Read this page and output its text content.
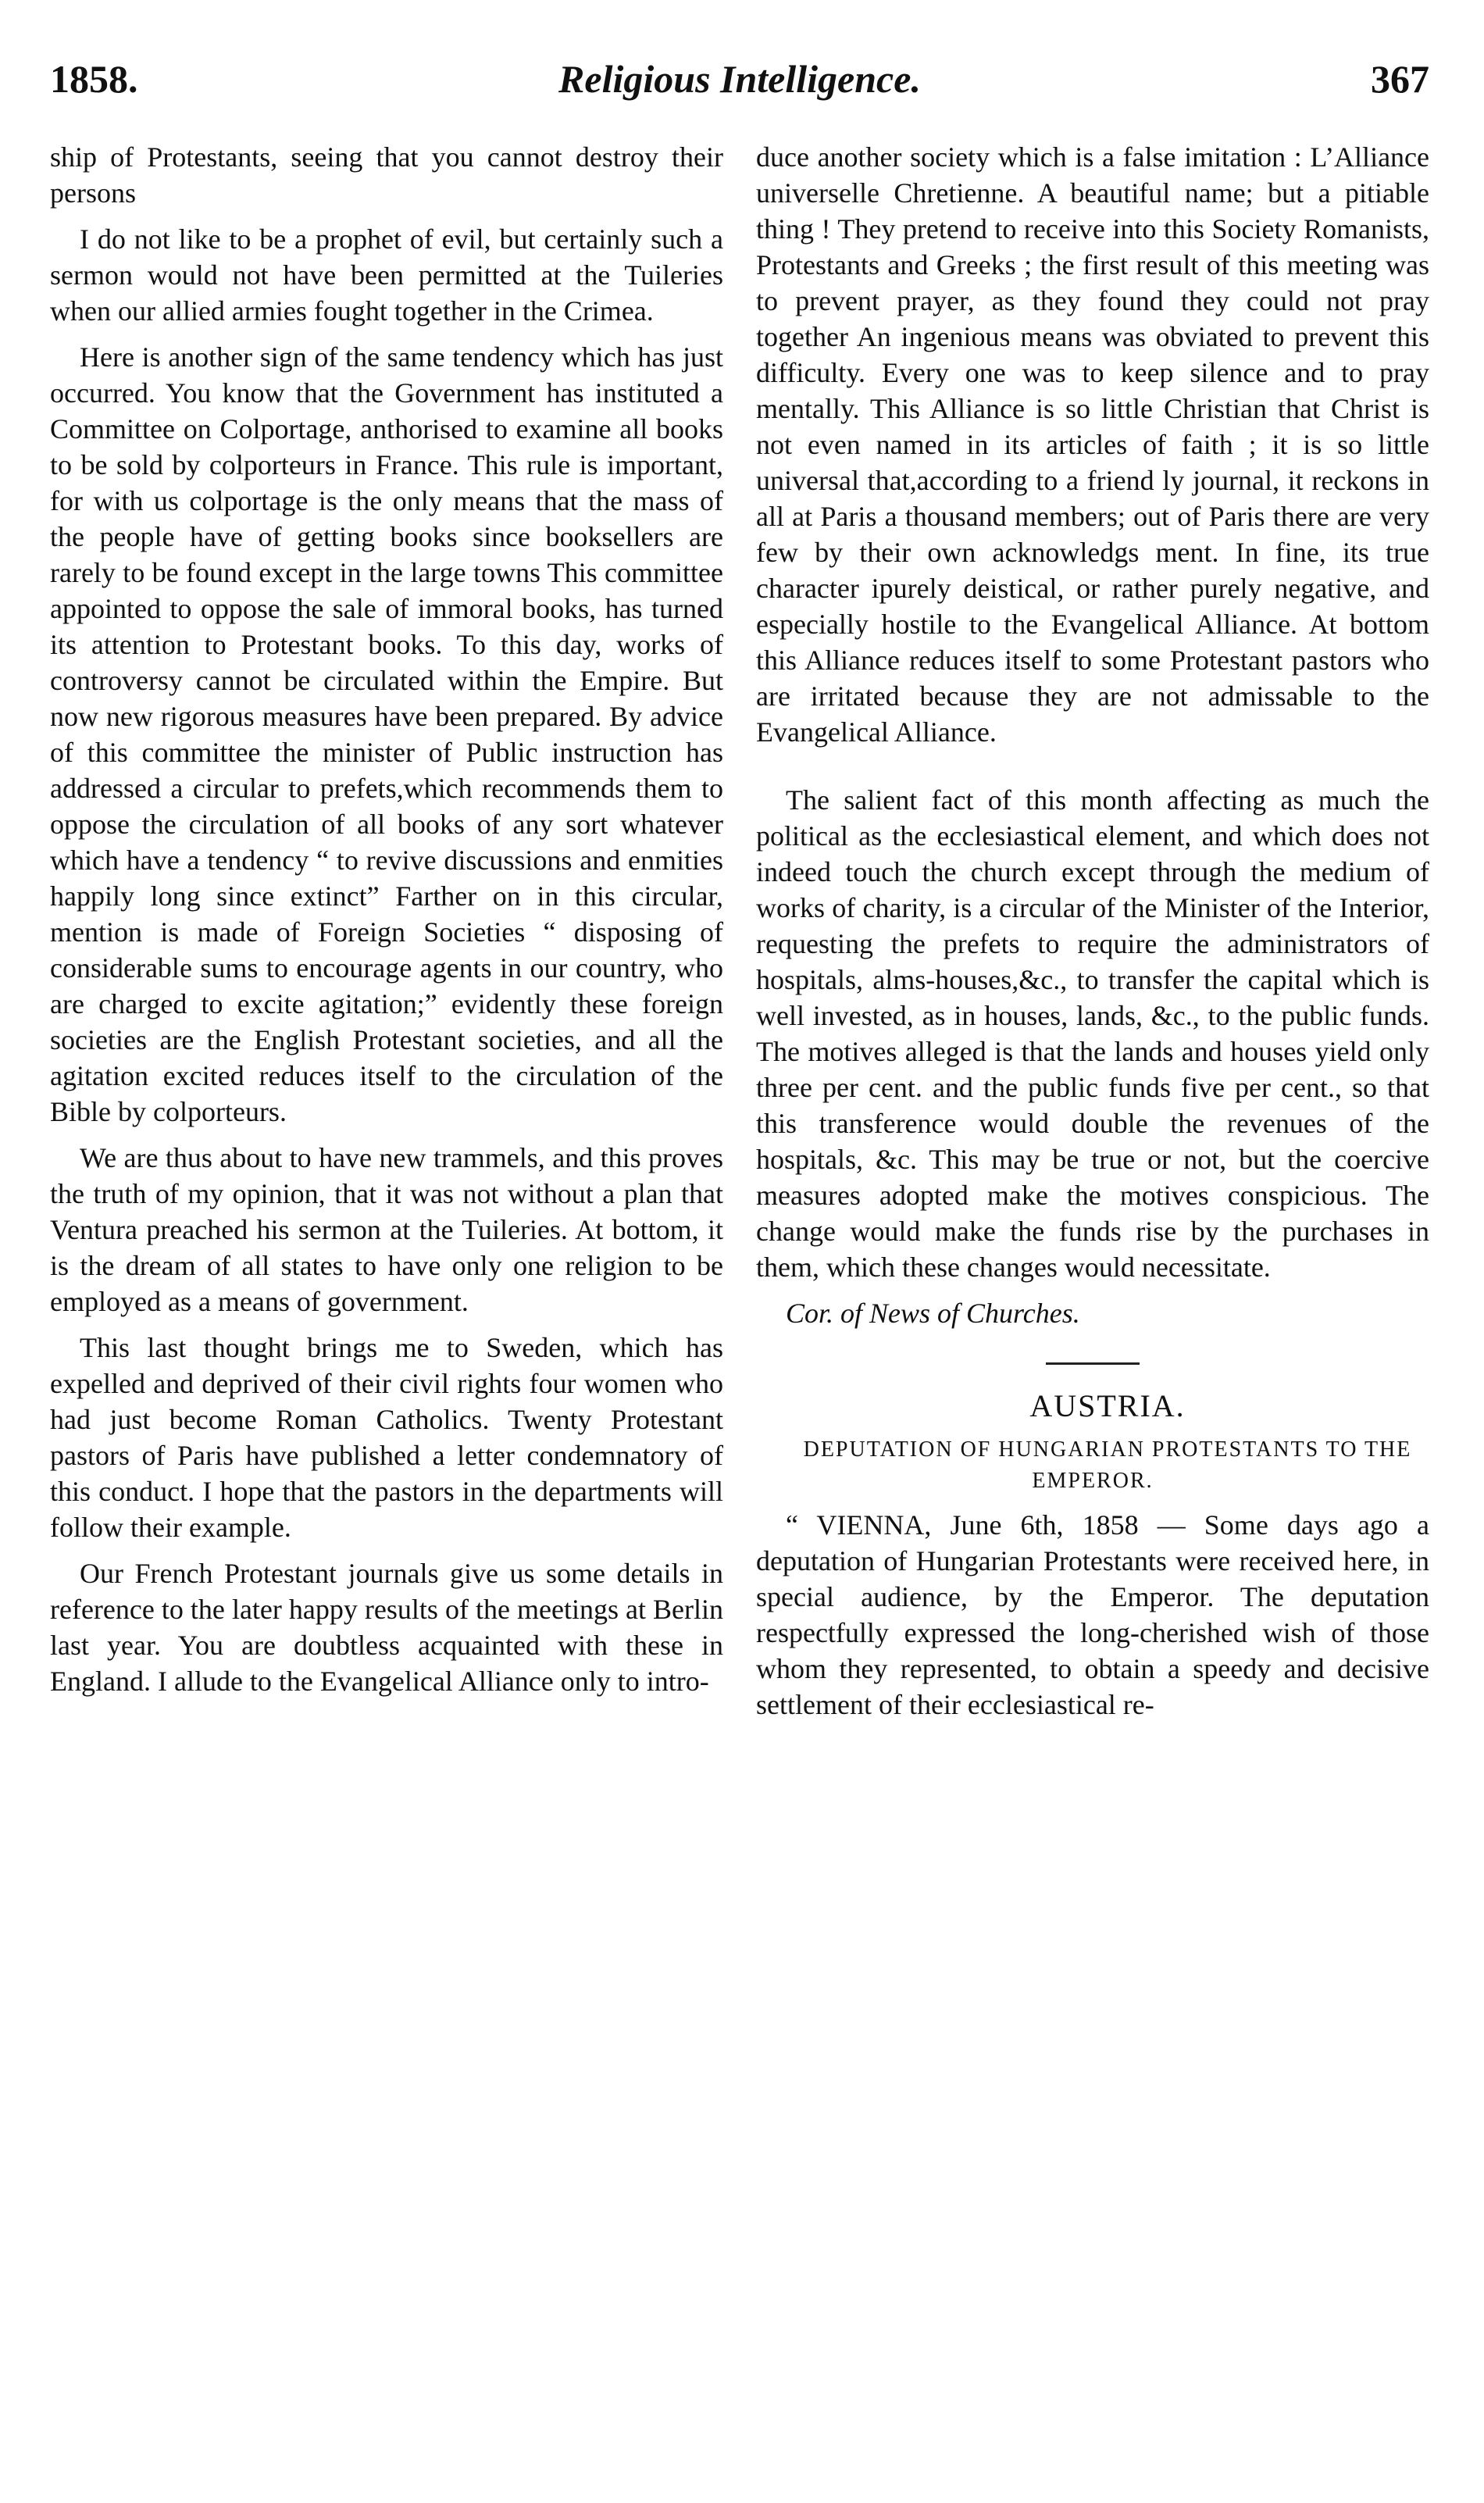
1858.	Religious Intelligence.	367

ship of Protestants, seeing that you cannot destroy their persons

I do not like to be a prophet of evil, but certainly such a sermon would not have been permitted at the Tuileries when our allied armies fought together in the Crimea.

Here is another sign of the same tendency which has just occurred. You know that the Government has instituted a Committee on Colportage, anthorised to examine all books to be sold by colporteurs in France. This rule is important, for with us colportage is the only means that the mass of the people have of getting books since booksellers are rarely to be found except in the large towns This committee appointed to oppose the sale of immoral books, has turned its attention to Protestant books. To this day, works of controversy cannot be circulated within the Empire. But now new rigorous measures have been prepared. By advice of this committee the minister of Public instruction has addressed a circular to prefets,which recommends them to oppose the circulation of all books of any sort whatever which have a tendency “ to revive discussions and enmities happily long since extinct” Farther on in this circular, mention is made of Foreign Societies “ disposing of considerable sums to encourage agents in our country, who are charged to excite agitation;” evidently these foreign societies are the English Protestant societies, and all the agitation excited reduces itself to the circulation of the Bible by colporteurs.

We are thus about to have new trammels, and this proves the truth of my opinion, that it was not without a plan that Ventura preached his sermon at the Tuileries. At bottom, it is the dream of all states to have only one religion to be employed as a means of government.

This last thought brings me to Sweden, which has expelled and deprived of their civil rights four women who had just become Roman Catholics. Twenty Protestant pastors of Paris have published a letter condemnatory of this conduct. I hope that the pastors in the departments will follow their example.

Our French Protestant journals give us some details in reference to the later happy results of the meetings at Berlin last year. You are doubtless acquainted with these in England. I allude to the Evangelical Alliance only to intro-

duce another society which is a false imitation : L’Alliance universelle Chretienne. A beautiful name; but a pitiable thing ! They pretend to receive into this Society Romanists, Protestants and Greeks ; the first result of this meeting was to prevent prayer, as they found they could not pray together An ingenious means was obviated to prevent this difficulty. Every one was to keep silence and to pray mentally. This Alliance is so little Christian that Christ is not even named in its articles of faith ; it is so little universal that,according to a friend ly journal, it reckons in all at Paris a thousand members; out of Paris there are very few by their own acknowledgs ment. In fine, its true character ipurely deistical, or rather purely negative, and especially hostile to the Evangelical Alliance. At bottom this Alliance reduces itself to some Protestant pastors who are irritated because they are not admissable to the Evangelical Alliance.

The salient fact of this month affecting as much the political as the ecclesiastical element, and which does not indeed touch the church except through the medium of works of charity, is a circular of the Minister of the Interior, requesting the prefets to require the administrators of hospitals, alms-houses,&c., to transfer the capital which is well invested, as in houses, lands, &c., to the public funds. The motives alleged is that the lands and houses yield only three per cent. and the public funds five per cent., so that this transference would double the revenues of the hospitals, &c. This may be true or not, but the coercive measures adopted make the motives conspicious. The change would make the funds rise by the purchases in them, which these changes would necessitate.

Cor. of News of Churches.

AUSTRIA.

DEPUTATION OF HUNGARIAN PROTESTANTS TO THE EMPEROR.

“ VIENNA, June 6th, 1858 — Some days ago a deputation of Hungarian Protestants were received here, in special audience, by the Emperor. The deputation respectfully expressed the long-cherished wish of those whom they represented, to obtain a speedy and decisive settlement of their ecclesiastical re-
